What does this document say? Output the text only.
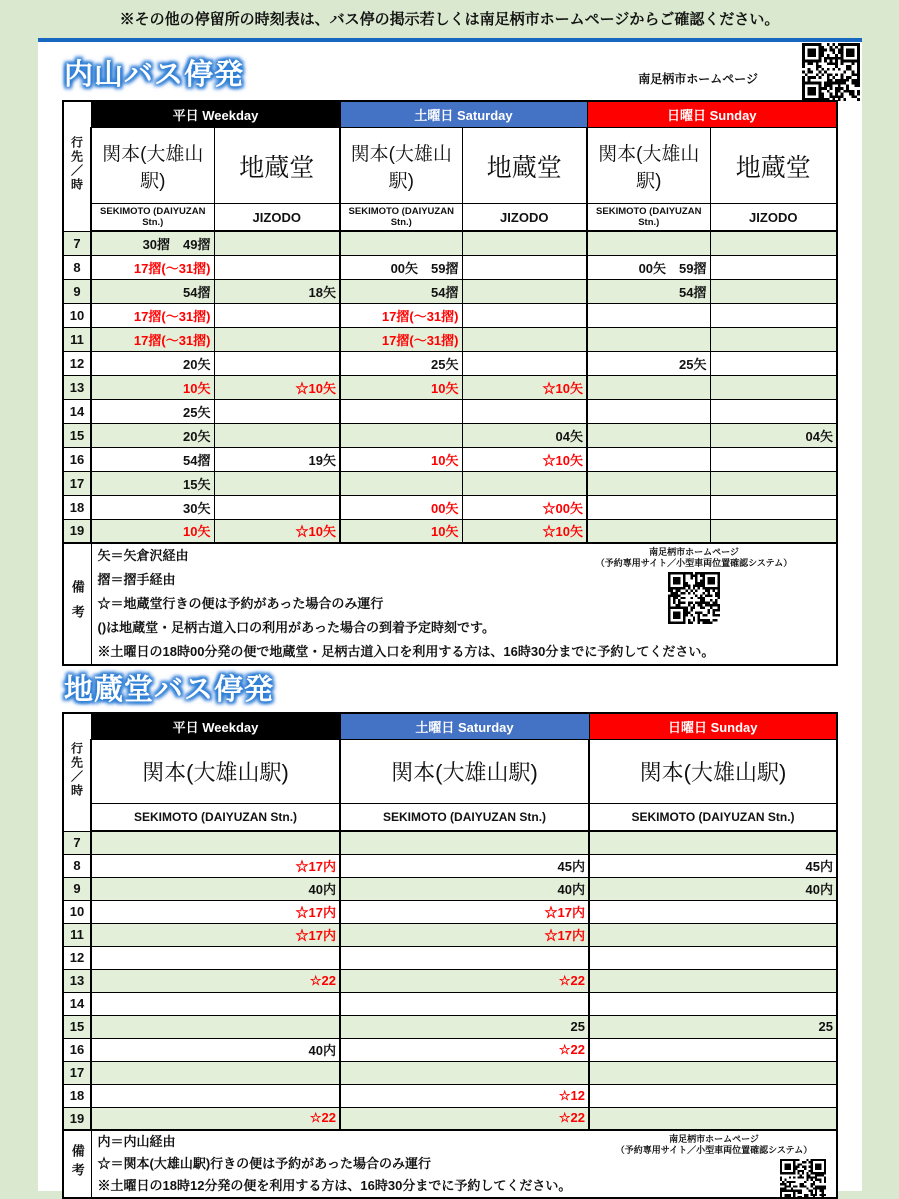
※その他の停留所の時刻表は、バス停の掲示若しくは南足柄市ホームページからご確認ください。
内山バス停発	南足柄市ホームページ
行先／時	平日 Weekday		土曜日 Saturday		日曜日 Sunday	
	関本(大雄山駅)	地蔵堂	関本(大雄山駅)	地蔵堂	関本(大雄山駅)	地蔵堂
	SEKIMOTO (DAIYUZAN Stn.)	JIZODO	SEKIMOTO (DAIYUZAN Stn.)	JIZODO	SEKIMOTO (DAIYUZAN Stn.)	JIZODO
7	30摺　49摺					
8	17摺(～31摺)		00矢　59摺		00矢　59摺	
9	54摺	18矢	54摺		54摺	
10	17摺(～31摺)		17摺(～31摺)			
11	17摺(～31摺)		17摺(～31摺)			
12	20矢		25矢		25矢	
13	10矢	☆10矢	10矢	☆10矢		
14	25矢					
15	20矢			04矢		04矢
16	54摺	19矢	10矢	☆10矢		
17	15矢					
18	30矢		00矢	☆00矢		
19	10矢	☆10矢	10矢	☆10矢		
備考	
矢＝矢倉沢経由
摺＝摺手経由
☆＝地蔵堂行きの便は予約があった場合のみ運行
()は地蔵堂・足柄古道入口の利用があった場合の到着予定時刻です。
※土曜日の18時00分発の便で地蔵堂・足柄古道入口を利用する方は、16時30分までに予約してください。
南足柄市ホームページ
（予約専用サイト／小型車両位置確認システム）
地蔵堂バス停発
行先／時	平日 Weekday	土曜日 Saturday	日曜日 Sunday
	関本(大雄山駅)	関本(大雄山駅)	関本(大雄山駅)
	SEKIMOTO (DAIYUZAN Stn.)	SEKIMOTO (DAIYUZAN Stn.)	SEKIMOTO (DAIYUZAN Stn.)
7			
8	☆17内	45内	45内
9	40内	40内	40内
10	☆17内	☆17内	
11	☆17内	☆17内	
12			
13	☆22	☆22	
14			
15		25	25
16	40内	☆22	
17			
18		☆12	
19	☆22	☆22	
備考	内＝内山経由
☆＝関本(大雄山駅)行きの便は予約があった場合のみ運行
※土曜日の18時12分発の便を利用する方は、16時30分までに予約してください。
南足柄市ホームページ
（予約専用サイト／小型車両位置確認システム）		
